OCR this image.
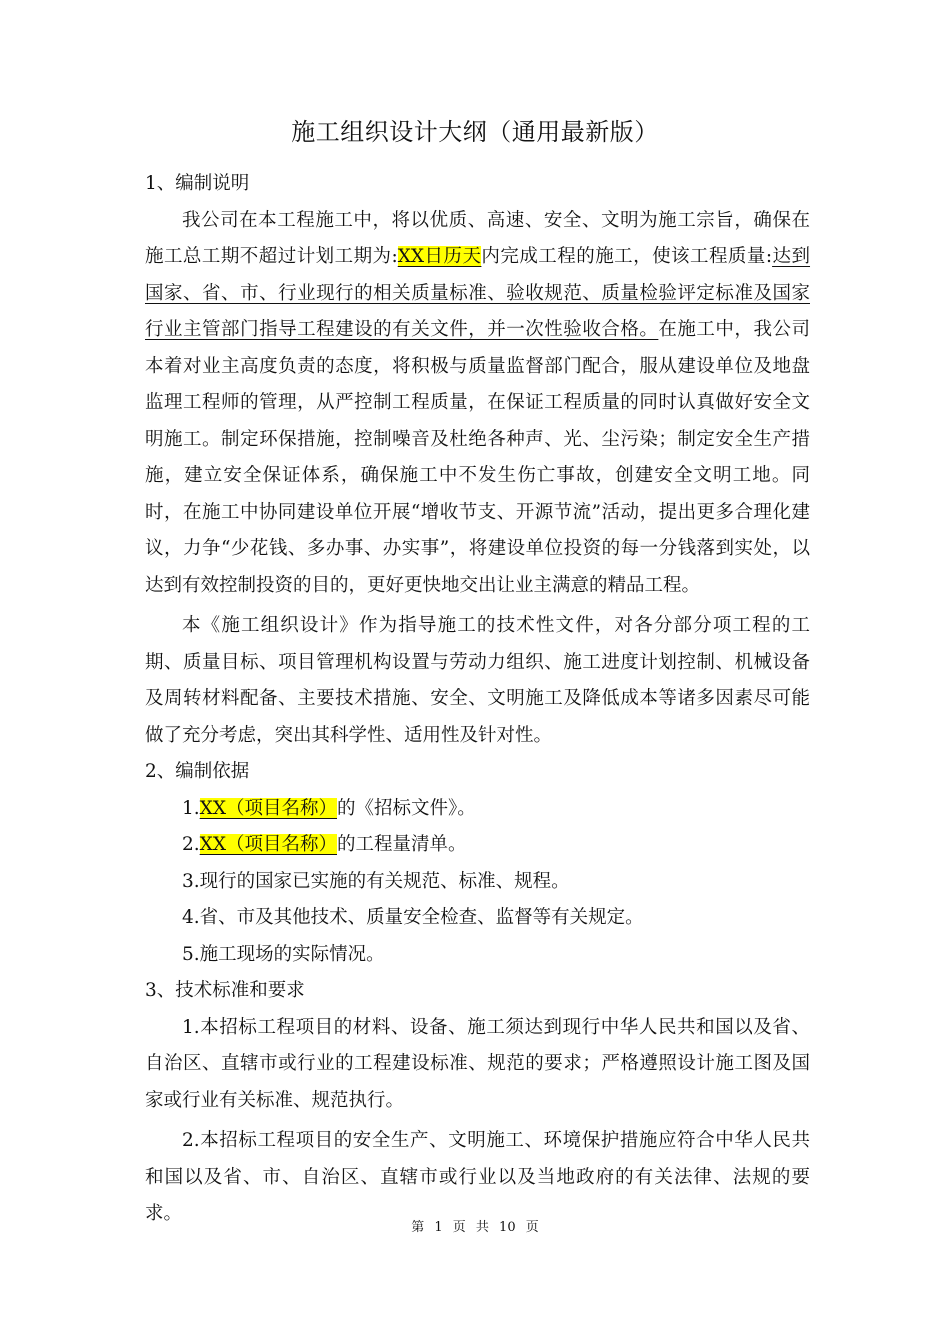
施工组织设计大纲（通用最新版）

1、编制说明

我公司在本工程施工中，将以优质、高速、安全、文明为施工宗旨，确保在施工总工期不超过计划工期为:XX日历天内完成工程的施工，使该工程质量:达到国家、省、市、行业现行的相关质量标准、验收规范、质量检验评定标准及国家行业主管部门指导工程建设的有关文件，并一次性验收合格。在施工中，我公司本着对业主高度负责的态度，将积极与质量监督部门配合，服从建设单位及地盘监理工程师的管理，从严控制工程质量，在保证工程质量的同时认真做好安全文明施工。制定环保措施，控制噪音及杜绝各种声、光、尘污染；制定安全生产措施，建立安全保证体系，确保施工中不发生伤亡事故，创建安全文明工地。同时，在施工中协同建设单位开展“增收节支、开源节流”活动，提出更多合理化建议，力争“少花钱、多办事、办实事”，将建设单位投资的每一分钱落到实处，以达到有效控制投资的目的，更好更快地交出让业主满意的精品工程。

本《施工组织设计》作为指导施工的技术性文件，对各分部分项工程的工期、质量目标、项目管理机构设置与劳动力组织、施工进度计划控制、机械设备及周转材料配备、主要技术措施、安全、文明施工及降低成本等诸多因素尽可能做了充分考虑，突出其科学性、适用性及针对性。

2、编制依据

1.XX（项目名称）的《招标文件》。

2.XX（项目名称）的工程量清单。

3.现行的国家已实施的有关规范、标准、规程。

4.省、市及其他技术、质量安全检查、监督等有关规定。

5.施工现场的实际情况。

3、技术标准和要求

1.本招标工程项目的材料、设备、施工须达到现行中华人民共和国以及省、自治区、直辖市或行业的工程建设标准、规范的要求；严格遵照设计施工图及国家或行业有关标准、规范执行。

2.本招标工程项目的安全生产、文明施工、环境保护措施应符合中华人民共和国以及省、市、自治区、直辖市或行业以及当地政府的有关法律、法规的要求。

第 1 页 共 10 页
